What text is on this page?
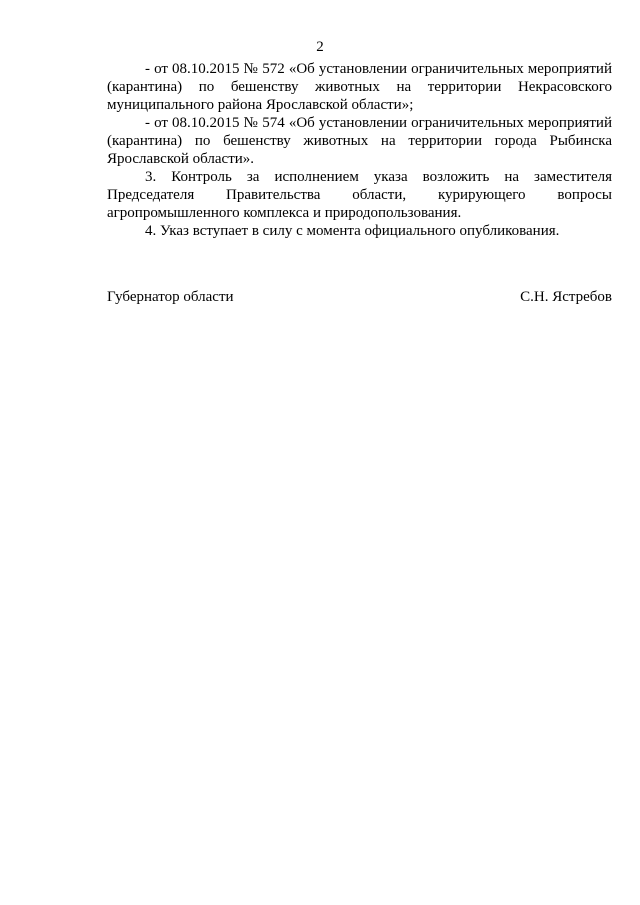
2

- от 08.10.2015 № 572 «Об установлении ограничительных мероприятий (карантина) по бешенству животных на территории Некрасовского муниципального района Ярославской области»;

- от 08.10.2015 № 574 «Об установлении ограничительных мероприятий (карантина) по бешенству животных на территории города Рыбинска Ярославской области».

3. Контроль за исполнением указа возложить на заместителя Председателя Правительства области, курирующего вопросы агропромышленного комплекса и природопользования.

4. Указ вступает в силу с момента официального опубликования.

Губернатор области	С.Н. Ястребов
